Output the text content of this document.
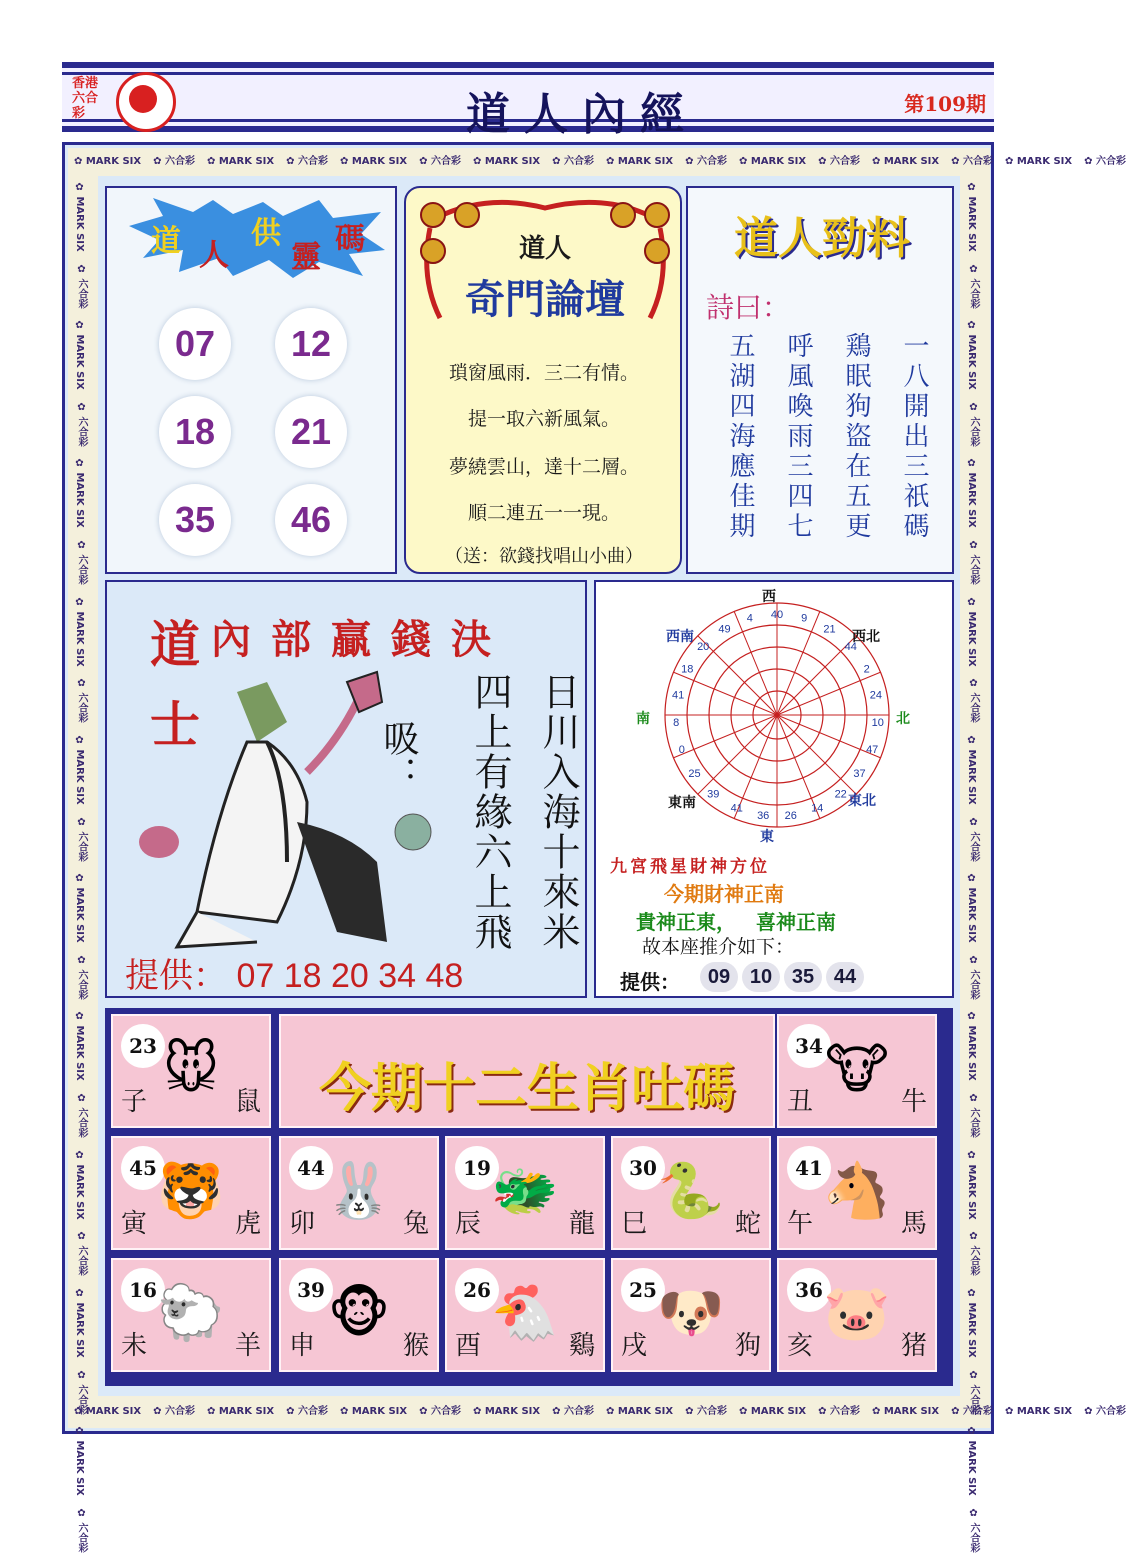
香港六合彩	道人內經	第109期
✿ MARK SIX ✿ 六合彩 ✿ MARK SIX ✿ 六合彩 ✿ MARK SIX ✿ 六合彩 ✿ MARK SIX ✿ 六合彩 ✿ MARK SIX ✿ 六合彩 ✿ MARK SIX ✿ 六合彩 ✿ MARK SIX ✿ 六合彩 ✿ MARK SIX ✿ 六合彩
✿ MARK SIX ✿ 六合彩 ✿ MARK SIX ✿ 六合彩 ✿ MARK SIX ✿ 六合彩 ✿ MARK SIX ✿ 六合彩 ✿ MARK SIX ✿ 六合彩 ✿ MARK SIX ✿ 六合彩 ✿ MARK SIX ✿ 六合彩 ✿ MARK SIX ✿ 六合彩
✿ MARK SIX
✿ 六合彩
✿ MARK SIX
✿ 六合彩
✿ MARK SIX
✿ 六合彩
✿ MARK SIX
✿ 六合彩
✿ MARK SIX
✿ 六合彩
✿ MARK SIX
✿ 六合彩
✿ MARK SIX
✿ 六合彩
✿ MARK SIX
✿ 六合彩
✿ MARK SIX
✿ 六合彩
✿ MARK SIX
✿ 六合彩
✿ MARK SIX
✿ 六合彩
✿ MARK SIX
✿ 六合彩
✿ MARK SIX
✿ 六合彩
✿ MARK SIX
✿ 六合彩
✿ MARK SIX
✿ 六合彩
✿ MARK SIX
✿ 六合彩
✿ MARK SIX
✿ 六合彩
✿ MARK SIX
✿ 六合彩
✿ MARK SIX
✿ 六合彩
✿ MARK SIX
✿ 六合彩
道 人
供
靈
碼
07	12
18	21
35	46
道人
奇門論壇
瑣窗風雨．三二有情。
提一取六新風氣。
夢繞雲山，達十二層。
順二連五一一現。
（送：欲錢找唱山小曲）
道人勁料
詩曰：
一八開出三祇碼
鶏眠狗盜在五更
呼風喚雨三四七
五湖四海應佳期
道士 內部贏錢決
吸：	日川入海十來米
四上有緣六上飛
提供： 07 18 20 34 48
40 9
21
44
2
24
10
47
37
22
14
26
36
41
39
25
0
8
41
18
20
49
4
西
東
南	北
西南	西北
東南	東北
九宮飛星財神方位
今期財神正南
貴神正東， 喜神正南
故本座推介如下：
提供：	09 10 35 44
今期十二生肖吐碼
23 🐭
子	鼠
34 🐮
丑	牛
45 🐯
寅	虎
44 🐰
卯	兔
19 🐲
辰	龍
30 🐍
巳	蛇
41 🐴
午	馬
16 🐑
未	羊
39 🐵
申	猴
26 🐔
酉	鷄
25 🐶
戌	狗
36 🐷
亥	猪
